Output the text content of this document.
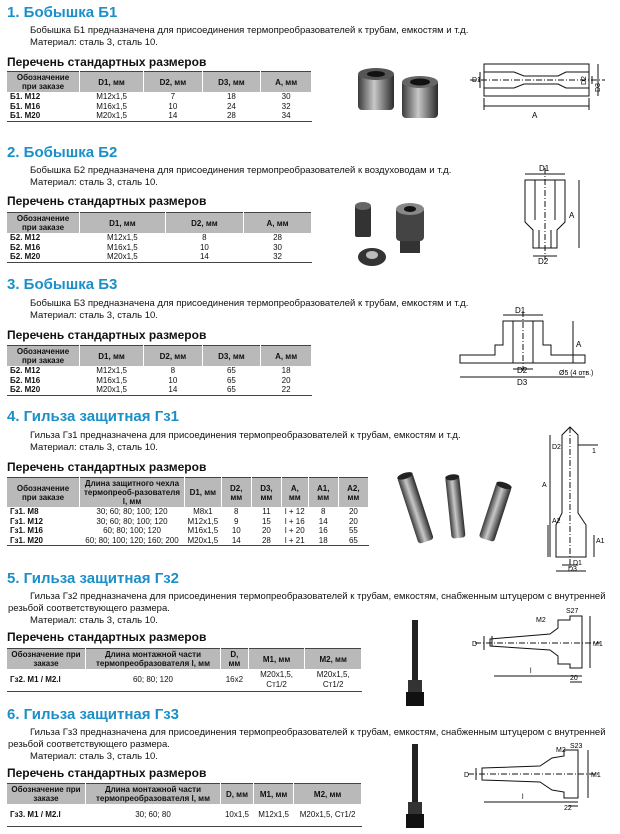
1. Бобышка Б1
Бобышка Б1 предназначена для присоединения термопреобразователей к трубам, емкостям и т.д.
Материал: сталь 3, сталь 10.
Перечень стандартных размеров
Обозначение при заказе	D1, мм	D2, мм	D3, мм	А, мм
Б1. М12	М12х1,5	7	18	30
Б1. М16	М16х1,5	10	24	32
Б1. М20	М20х1,5	14	28	34
D1	D2
D3
A
2. Бобышка Б2
Бобышка Б2 предназначена для присоединения термопреобразователей к воздуховодам и т.д.
Материал: сталь 3, сталь 10.
Перечень стандартных размеров
Обозначение при заказе	D1, мм	D2, мм	А, мм
Б2. М12	М12х1,5	8	28
Б2. М16	М16х1,5	10	30
Б2. М20	М20х1,5	14	32
D1
A
D2
3. Бобышка Б3
Бобышка Б3 предназначена для присоединения термопреобразователей к трубам, емкостям и т.д.
Материал: сталь 3, сталь 10.
Перечень стандартных размеров
Обозначение при заказе	D1, мм	D2, мм	D3, мм	А, мм
Б2. М12	М12х1,5	8	65	18
Б2. М16	М16х1,5	10	65	20
Б2. М20	М20х1,5	14	65	22
D1
A
D2
D3
Ø5 (4 отв.)
4. Гильза защитная Гз1
Гильза Гз1 предназначена для присоединения термопреобразователей к трубам, емкостям и т.д.
Материал: сталь 3, сталь 10.
Перечень стандартных размеров
Обозначение при заказе	Длина защитного чехла термопреоб-разователя l, мм	D1, мм	D2, мм	D3, мм	А, мм	А1, мм	А2, мм
Гз1. М8	30; 60; 80; 100; 120	М8х1	8	11	l + 12	8	20
Гз1. М12	30; 60; 80; 100; 120	М12х1,5	9	15	l + 16	14	20
Гз1. М16	60; 80; 100; 120	М16х1,5	10	20	l + 20	16	55
Гз1. М20	60; 80; 100; 120; 160; 200	М20х1,5	14	28	l + 21	18	65
D2
1
A
A2
A1
D1
D3
5. Гильза защитная Гз2
Гильза Гз2 предназначена для присоединения термопреобразователей к трубам, емкостям, снабженным штуцером с внутренней резьбой соответствующего размера.
Материал: сталь 3, сталь 10.
Перечень стандартных размеров
Обозначение при заказе	Длина монтажной части термопреобразователя l, мм	D, мм	М1, мм	М2, мм
Гз2. М1 / М2.l	60; 80; 120	16х2	М20х1,5, Ст1/2	М20х1,5, Ст1/2
S27
M2
D	M1
l
20
6. Гильза защитная Гз3
Гильза Гз3 предназначена для присоединения термопреобразователей к трубам, емкостям, снабженным штуцером с внутренней резьбой соответствующего размера.
Материал: сталь 3, сталь 10.
Перечень стандартных размеров
Обозначение при заказе	Длина монтажной части термопреобразователя l, мм	D, мм	М1, мм	М2, мм
Гз3. М1 / М2.l	30; 60; 80	10х1,5	М12х1,5	М20х1,5, Ст1/2
M2
S23
D	M1
l
22
